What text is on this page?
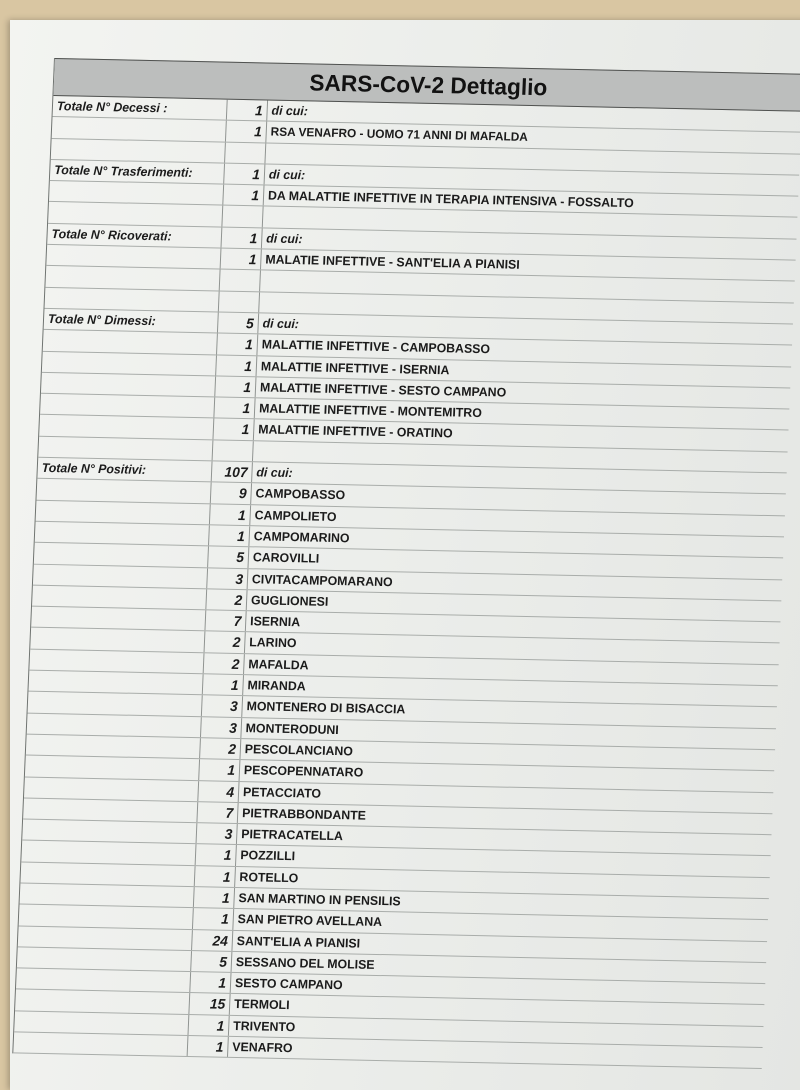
SARS-CoV-2 Dettaglio
Totale N° Decessi :	1 di cui:
1 RSA VENAFRO - UOMO 71 ANNI DI MAFALDA
Totale N° Trasferimenti:	1 di cui:
1 DA MALATTIE INFETTIVE IN TERAPIA INTENSIVA - FOSSALTO
Totale N° Ricoverati:	1 di cui:
1 MALATIE INFETTIVE - SANT'ELIA A PIANISI
Totale N° Dimessi:	5 di cui:
1 MALATTIE INFETTIVE - CAMPOBASSO
1 MALATTIE INFETTIVE - ISERNIA
1 MALATTIE INFETTIVE - SESTO CAMPANO
1 MALATTIE INFETTIVE - MONTEMITRO
1 MALATTIE INFETTIVE - ORATINO
Totale N° Positivi:	107 di cui:
9 CAMPOBASSO
1 CAMPOLIETO
1 CAMPOMARINO
5 CAROVILLI
3 CIVITACAMPOMARANO
2 GUGLIONESI
7 ISERNIA
2 LARINO
2 MAFALDA
1 MIRANDA
3 MONTENERO DI BISACCIA
3 MONTERODUNI
2 PESCOLANCIANO
1 PESCOPENNATARO
4 PETACCIATO
7 PIETRABBONDANTE
3 PIETRACATELLA
1 POZZILLI
1 ROTELLO
1 SAN MARTINO IN PENSILIS
1 SAN PIETRO AVELLANA
24 SANT'ELIA A PIANISI
5 SESSANO DEL MOLISE
1 SESTO CAMPANO
15 TERMOLI
1 TRIVENTO
1 VENAFRO
